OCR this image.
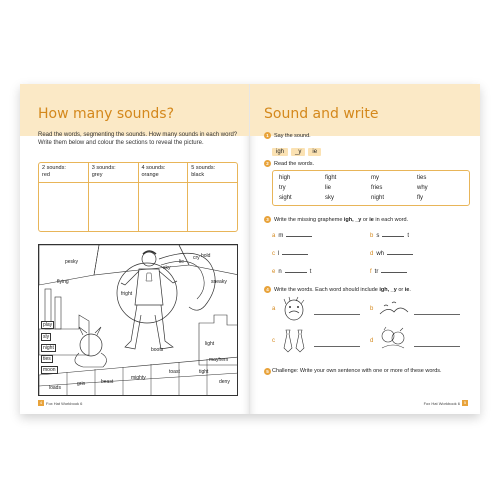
How many sounds?
Read the words, segmenting the sounds. How many sounds in each word? Write them below and colour the sections to reveal the picture.
2 sounds:
red
3 sounds:
grey
4 sounds:
orange
5 sounds:
black
pesky
flying
fright
sky
lie
cry
sneaky
bold
play
sly
night
ties
moon
light
mayhem
loads
grin	beast
mighty
toast	tight
deny
boots
4 Fox Hat Workbook 6
Sound and write
1 Say the sound.
igh	_y	ie
2 Read the words.
high	fight	my	ties
try	lie	fries	why
sight	sky	night	fly
3 Write the missing grapheme igh, _y or ie in each word.
a m	b s	t
c l	d wh
e n	t	f tr
4 Write the words. Each word should include igh, _y or ie.
a	b
c	d
5 Challenge: Write your own sentence with one or more of these words.
Fox Hat Workbook 6 5
